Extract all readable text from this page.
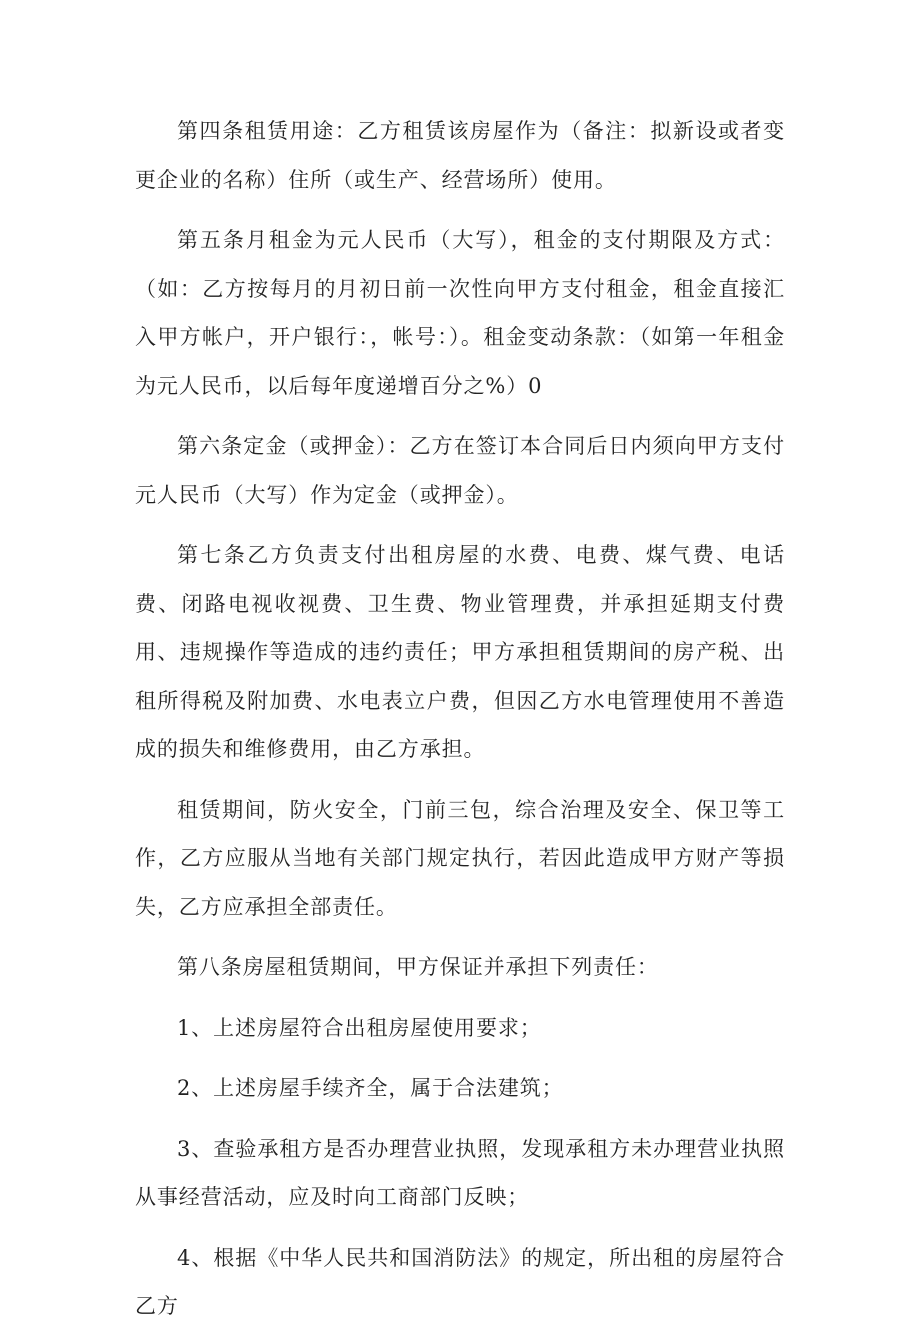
第四条租赁用途：乙方租赁该房屋作为（备注：拟新设或者变更企业的名称）住所（或生产、经营场所）使用。

第五条月租金为元人民币（大写），租金的支付期限及方式：（如：乙方按每月的月初日前一次性向甲方支付租金，租金直接汇入甲方帐户，开户银行：，帐号：）。租金变动条款：（如第一年租金为元人民币，以后每年度递增百分之%）0

第六条定金（或押金）：乙方在签订本合同后日内须向甲方支付元人民币（大写）作为定金（或押金）。

第七条乙方负责支付出租房屋的水费、电费、煤气费、电话费、闭路电视收视费、卫生费、物业管理费，并承担延期支付费用、违规操作等造成的违约责任；甲方承担租赁期间的房产税、出租所得税及附加费、水电表立户费，但因乙方水电管理使用不善造成的损失和维修费用，由乙方承担。

租赁期间，防火安全，门前三包，综合治理及安全、保卫等工作，乙方应服从当地有关部门规定执行，若因此造成甲方财产等损失，乙方应承担全部责任。

第八条房屋租赁期间，甲方保证并承担下列责任：

1、上述房屋符合出租房屋使用要求；

2、上述房屋手续齐全，属于合法建筑；

3、查验承租方是否办理营业执照，发现承租方未办理营业执照从事经营活动，应及时向工商部门反映；

4、根据《中华人民共和国消防法》的规定，所出租的房屋符合乙方
